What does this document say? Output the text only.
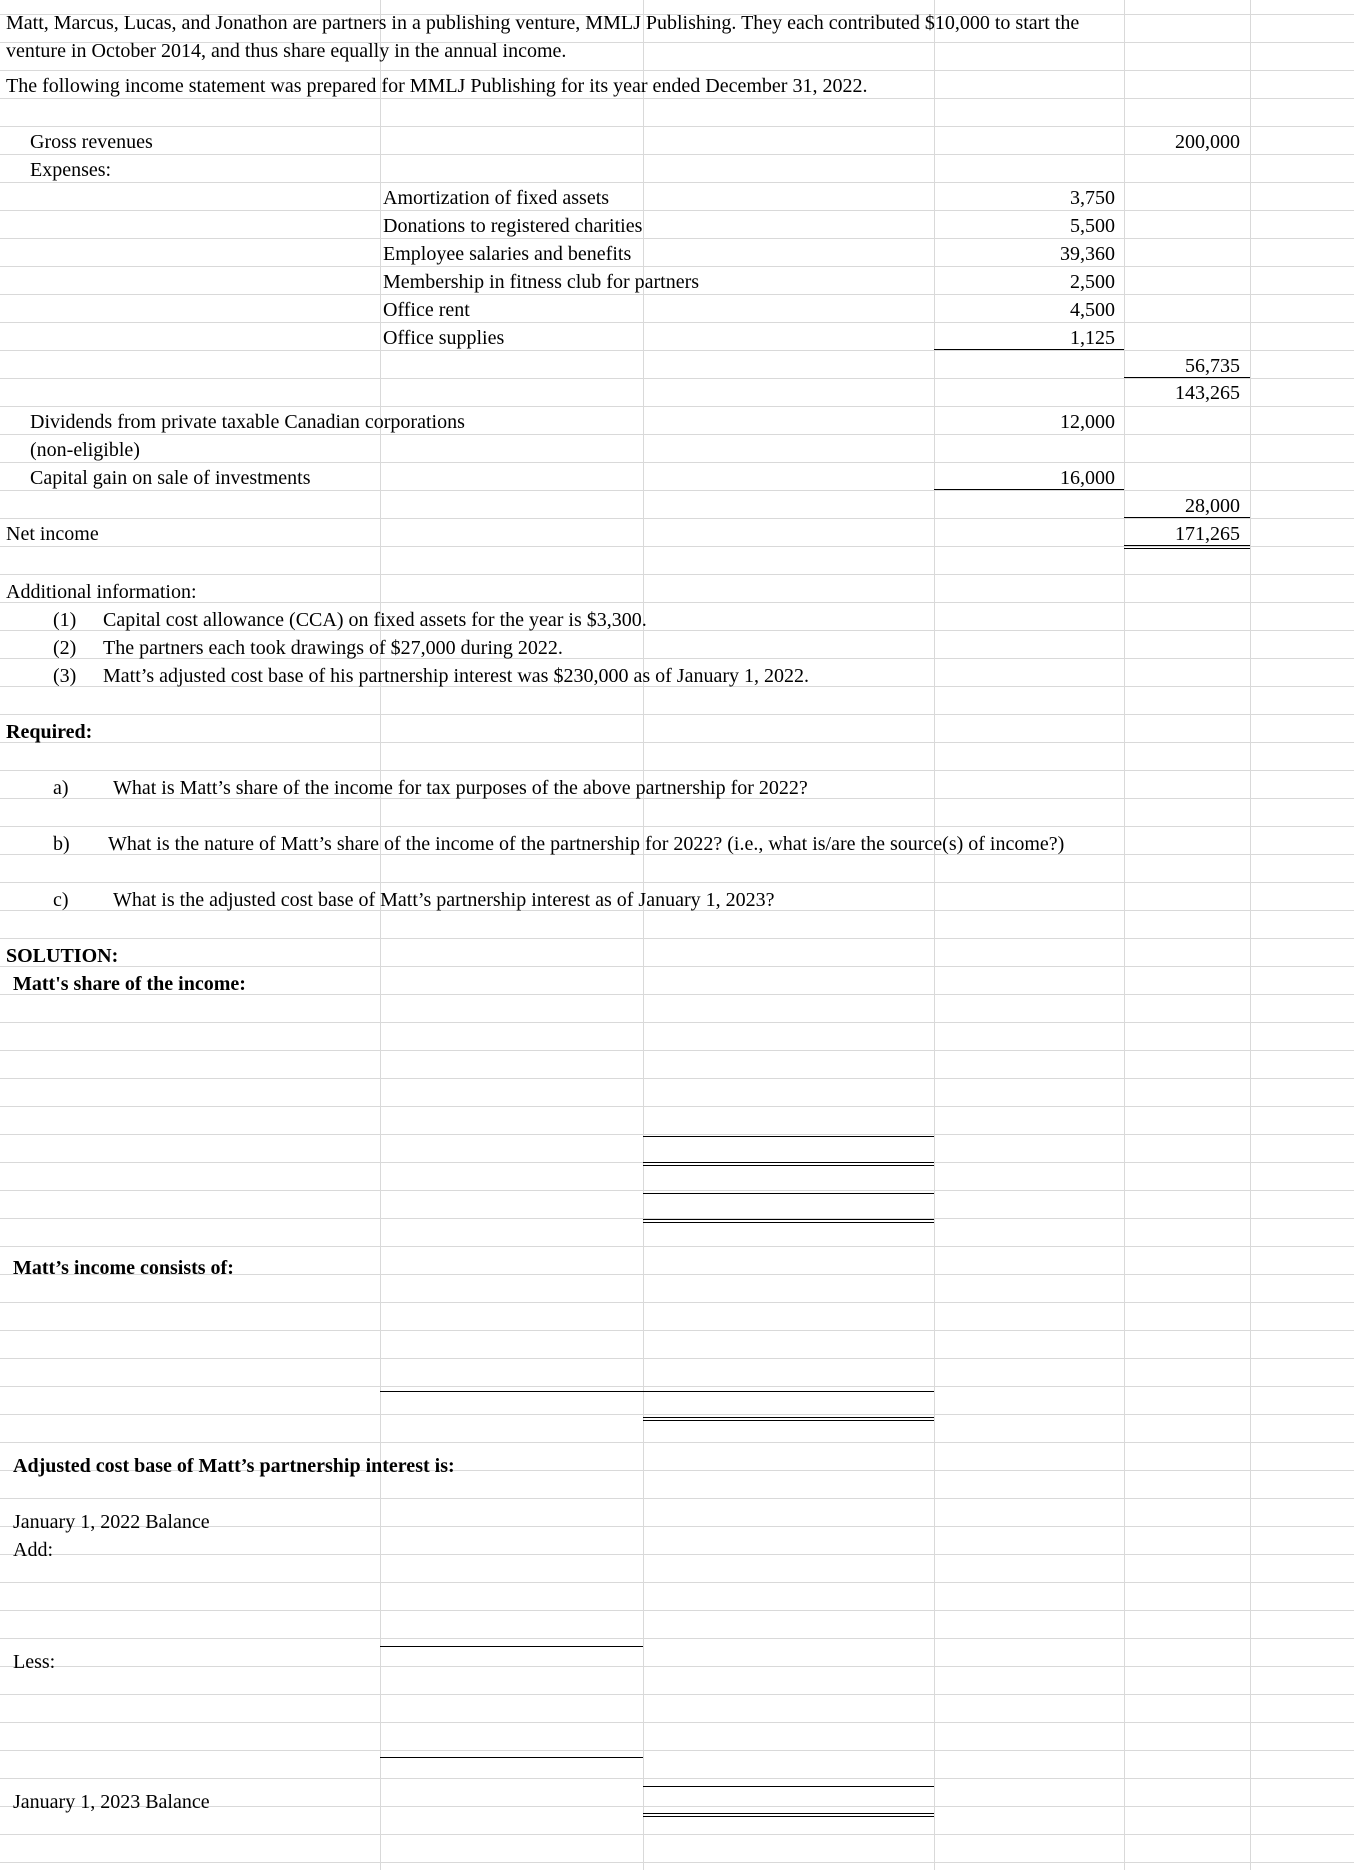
Matt, Marcus, Lucas, and Jonathon are partners in a publishing venture, MMLJ Publishing. They each contributed $10,000 to start the
venture in October 2014, and thus share equally in the annual income.
The following income statement was prepared for MMLJ Publishing for its year ended December 31, 2022.
Gross revenues	200,000
Expenses:
Amortization of fixed assets	3,750
Donations to registered charities	5,500
Employee salaries and benefits	39,360
Membership in fitness club for partners	2,500
Office rent	4,500
Office supplies	1,125
56,735
143,265
Dividends from private taxable Canadian corporations	12,000
(non-eligible)
Capital gain on sale of investments	16,000
28,000
Net income	171,265
Additional information:
(1) Capital cost allowance (CCA) on fixed assets for the year is $3,300.
(2) The partners each took drawings of $27,000 during 2022.
(3) Matt’s adjusted cost base of his partnership interest was $230,000 as of January 1, 2022.
Required:
a) What is Matt’s share of the income for tax purposes of the above partnership for 2022?
b) What is the nature of Matt’s share of the income of the partnership for 2022? (i.e., what is/are the source(s) of income?)
c) What is the adjusted cost base of Matt’s partnership interest as of January 1, 2023?
SOLUTION:
Matt's share of the income:
Matt’s income consists of:
Adjusted cost base of Matt’s partnership interest is:
January 1, 2022 Balance
Add:
Less:
January 1, 2023 Balance
